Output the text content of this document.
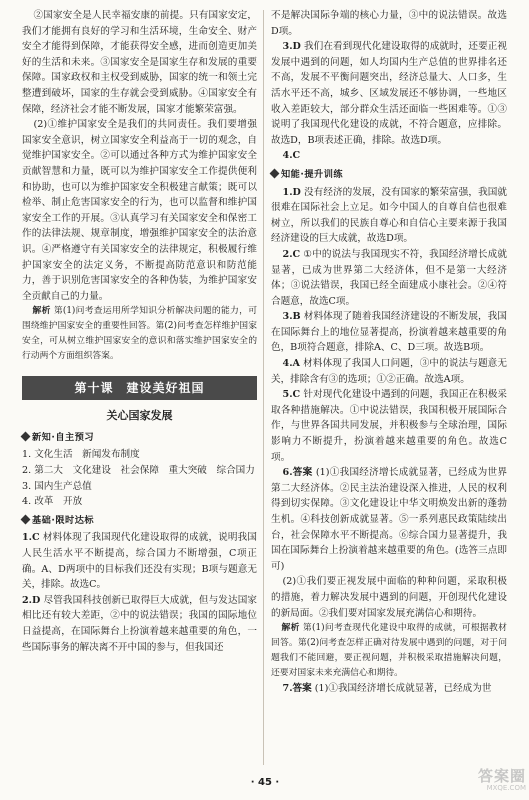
②国家安全是人民幸福安康的前提。只有国家安定，我们才能拥有良好的学习和生活环境，生命安全、财产安全才能得到保障，才能获得安全感，进而创造更加美好的生活和未来。③国家安全是国家生存和发展的重要保障。国家政权和主权受到威胁，国家的统一和领土完整遭到破坏，国家的生存就会受到威胁。④国家安全有保障，经济社会才能不断发展，国家才能繁荣富强。

(2)①维护国家安全是我们的共同责任。我们要增强国家安全意识，树立国家安全利益高于一切的观念，自觉维护国家安全。②可以通过各种方式为维护国家安全贡献智慧和力量，既可以为维护国家安全工作提供便利和协助，也可以为维护国家安全积极建言献策；既可以检举、制止危害国家安全的行为，也可以监督和维护国家安全工作的开展。③认真学习有关国家安全和保密工作的法律法规、规章制度，增强维护国家安全的法治意识。④严格遵守有关国家安全的法律规定，积极履行维护国家安全的法定义务，不断提高防范意识和防范能力，善于识别危害国家安全的各种伪装，为维护国家安全贡献自己的力量。

解析 第(1)问考查运用所学知识分析解决问题的能力，可围绕维护国家安全的重要性回答。第(2)问考查怎样维护国家安全，可从树立维护国家安全的意识和落实维护国家安全的行动两个方面组织答案。

第十课　建设美好祖国
关心国家发展
新知·自主预习

1. 文化生活　新闻发布制度

2. 第二大　文化建设　社会保障　重大突破　综合国力

3. 国内生产总值

4. 改革　开放

基础·限时达标

1.C 材料体现了我国现代化建设取得的成就，说明我国人民生活水平不断提高，综合国力不断增强，C项正确。A、D两项中的目标我们还没有实现；B项与题意无关，排除。故选C。

2.D 尽管我国科技创新已取得巨大成就，但与发达国家相比还有较大差距，②中的说法错误；我国的国际地位日益提高，在国际舞台上扮演着越来越重要的角色，一些国际事务的解决离不开中国的参与，但我国还

不是解决国际争端的核心力量，③中的说法错误。故选D项。

3.D 我们在看到现代化建设取得的成就时，还要正视发展中遇到的问题，如人均国内生产总值的世界排名还不高，发展不平衡问题突出，经济总量大、人口多，生活水平还不高，城乡、区域发展还不够协调，一些地区收入差距较大，部分群众生活还面临一些困难等。①③说明了我国现代化建设的成就，不符合题意，应排除。故选D，B项表述正确，排除。故选D项。

4.C

知能·提升训练

1.D 没有经济的发展，没有国家的繁荣富强，我国就很难在国际社会上立足。如今中国人的自尊自信也很难树立，所以我们的民族自尊心和自信心主要来源于我国经济建设的巨大成就，故选D项。

2.C ①中的说法与我国现实不符，我国经济增长成就显著，已成为世界第二大经济体，但不是第一大经济体；③说法错误，我国已经全面建成小康社会。②④符合题意，故选C项。

3.B 材料体现了随着我国经济建设的不断发展，我国在国际舞台上的地位显著提高，扮演着越来越重要的角色，B项符合题意，排除A、C、D三项。故选B项。

4.A 材料体现了我国人口问题，③中的说法与题意无关，排除含有③的选项；①②正确。故选A项。

5.C 针对现代化建设中遇到的问题，我国正在积极采取各种措施解决。①中说法错误，我国积极开展国际合作，与世界各国共同发展，并积极参与全球治理，国际影响力不断提升，扮演着越来越重要的角色。故选C项。

6.答案 (1)①我国经济增长成就显著，已经成为世界第二大经济体。②民主法治建设深入推进，人民的权利得到切实保障。③文化建设让中华文明焕发出新的蓬勃生机。④科技创新成就显著。⑤一系列惠民政策陆续出台，社会保障水平不断提高。⑥综合国力显著提升，我国在国际舞台上扮演着越来越重要的角色。(选答三点即可)

(2)①我们要正视发展中面临的种种问题，采取积极的措施，着力解决发展中遇到的问题，开创现代化建设的新局面。②我们要对国家发展充满信心和期待。

解析 第(1)问考查现代化建设中取得的成就，可根据教材回答。第(2)问考查怎样正确对待发展中遇到的问题，对于问题我们不能回避，要正视问题，并积极采取措施解决问题，还要对国家未来充满信心和期待。

7.答案 (1)①我国经济增长成就显著，已经成为世

· 45 ·	答案圈
MXQE.COM
